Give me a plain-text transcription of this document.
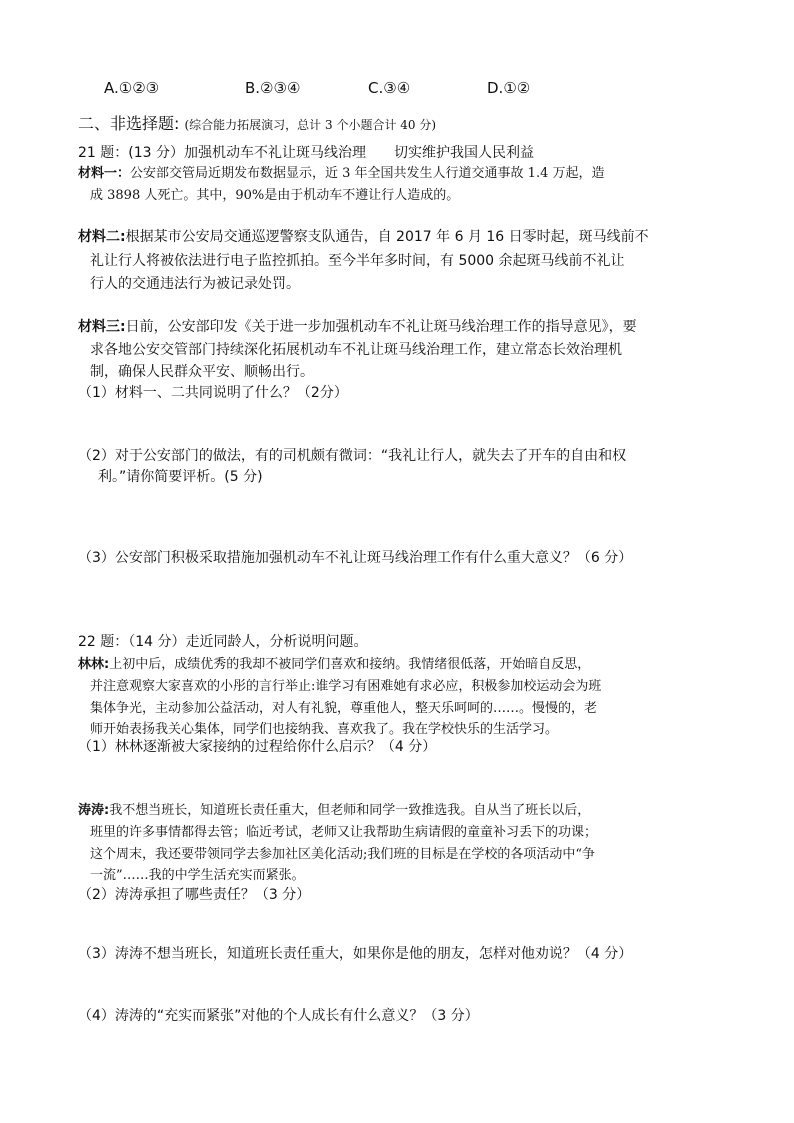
A.①②③	B.②③④	C.③④	D.①②
二、非选择题: (综合能力拓展演习，总计 3 个小题合计 40 分)
21 题：(13 分）加强机动车不礼让斑马线治理　　切实维护我国人民利益
材料一：公安部交管局近期发布数据显示，近 3 年全国共发生人行道交通事故 1.4 万起，造
成 3898 人死亡。其中，90%是由于机动车不遵让行人造成的。
材料二:根据某市公安局交通巡逻警察支队通告，自 2017 年 6 月 16 日零时起，斑马线前不
礼让行人将被依法进行电子监控抓拍。至今半年多时间，有 5000 余起斑马线前不礼让
行人的交通违法行为被记录处罚。
材料三:日前，公安部印发《关于进一步加强机动车不礼让斑马线治理工作的指导意见》，要
求各地公安交管部门持续深化拓展机动车不礼让斑马线治理工作，建立常态长效治理机
制，确保人民群众平安、顺畅出行。
（1）材料一、二共同说明了什么？（2分）
（2）对于公安部门的做法，有的司机颇有微词：“我礼让行人，就失去了开车的自由和权
利。”请你简要评析。(5 分)
（3）公安部门积极采取措施加强机动车不礼让斑马线治理工作有什么重大意义？（6 分）
22 题：（14 分）走近同龄人，分析说明问题。
林林:上初中后，成绩优秀的我却不被同学们喜欢和接纳。我情绪很低落，开始暗自反思，
并注意观察大家喜欢的小彤的言行举止:谁学习有困难她有求必应，积极参加校运动会为班
集体争光，主动参加公益活动，对人有礼貌，尊重他人，整天乐呵呵的……。慢慢的，老
师开始表扬我关心集体，同学们也接纳我、喜欢我了。我在学校快乐的生活学习。
（1）林林逐渐被大家接纳的过程给你什么启示？（4 分）
涛涛:我不想当班长，知道班长责任重大，但老师和同学一致推选我。自从当了班长以后，
班里的许多事情都得去管；临近考试，老师又让我帮助生病请假的童童补习丢下的功课；
这个周末，我还要带领同学去参加社区美化活动;我们班的目标是在学校的各项活动中“争
一流”……我的中学生活充实而紧张。
（2）涛涛承担了哪些责任？（3 分）
（3）涛涛不想当班长，知道班长责任重大，如果你是他的朋友，怎样对他劝说？（4 分）
（4）涛涛的“充实而紧张”对他的个人成长有什么意义？（3 分）
